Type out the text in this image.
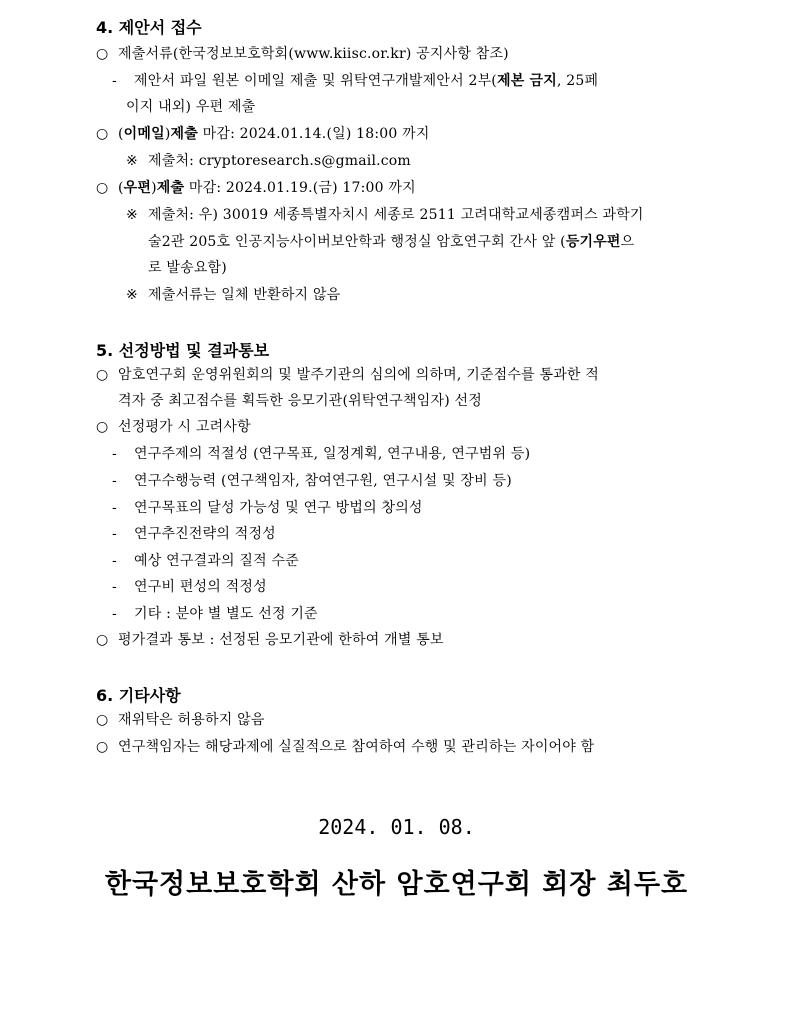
4. 제안서 접수
○ 제출서류(한국정보보호학회(www.kiisc.or.kr) 공지사항 참조)
- 제안서 파일 원본 이메일 제출 및 위탁연구개발제안서 2부(제본 금지, 25페
이지 내외) 우편 제출
○ (이메일)제출 마감: 2024.01.14.(일) 18:00 까지
※ 제출처: cryptoresearch.s@gmail.com
○ (우편)제출 마감: 2024.01.19.(금) 17:00 까지
※ 제출처: 우) 30019 세종특별자치시 세종로 2511 고려대학교세종캠퍼스 과학기
술2관 205호 인공지능사이버보안학과 행정실 암호연구회 간사 앞 (등기우편으
로 발송요함)
※ 제출서류는 일체 반환하지 않음
5. 선정방법 및 결과통보
○ 암호연구회 운영위원회의 및 발주기관의 심의에 의하며, 기준점수를 통과한 적
격자 중 최고점수를 획득한 응모기관(위탁연구책임자) 선정
○ 선정평가 시 고려사항
- 연구주제의 적절성 (연구목표, 일정계획, 연구내용, 연구범위 등)
- 연구수행능력 (연구책임자, 참여연구원, 연구시설 및 장비 등)
- 연구목표의 달성 가능성 및 연구 방법의 창의성
- 연구추진전략의 적정성
- 예상 연구결과의 질적 수준
- 연구비 편성의 적정성
- 기타 : 분야 별 별도 선정 기준
○ 평가결과 통보 : 선정된 응모기관에 한하여 개별 통보
6. 기타사항
○ 재위탁은 허용하지 않음
○ 연구책임자는 해당과제에 실질적으로 참여하여 수행 및 관리하는 자이어야 함
2024. 01. 08.
한국정보보호학회 산하 암호연구회 회장 최두호
